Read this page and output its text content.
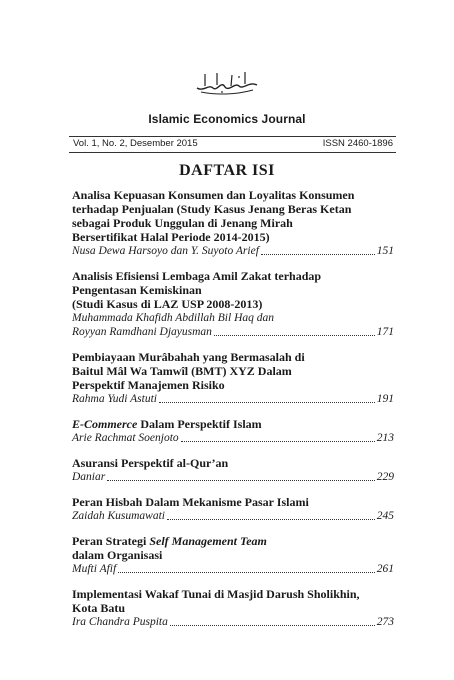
Islamic Economics Journal
Vol. 1, No. 2, Desember 2015	ISSN 2460-1896
DAFTAR ISI
Analisa Kepuasan Konsumen dan Loyalitas Konsumen
terhadap Penjualan (Study Kasus Jenang Beras Ketan
sebagai Produk Unggulan di Jenang Mirah
Bersertifikat Halal Periode 2014-2015)
Nusa Dewa Harsoyo dan Y. Suyoto Arief	151
Analisis Efisiensi Lembaga Amil Zakat terhadap
Pengentasan Kemiskinan
(Studi Kasus di LAZ USP 2008-2013)
Muhammada Khafidh Abdillah Bil Haq dan
Royyan Ramdhani Djayusman	171
Pembiayaan Murâbahah yang Bermasalah di
Baitul Mâl Wa Tamwîl (BMT) XYZ Dalam
Perspektif Manajemen Risiko
Rahma Yudi Astuti	191
E-Commerce Dalam Perspektif Islam
Arie Rachmat Soenjoto	213
Asuransi Perspektif al-Qur’an
Daniar	229
Peran Hisbah Dalam Mekanisme Pasar Islami
Zaidah Kusumawati	245
Peran Strategi Self Management Team
dalam Organisasi
Mufti Afif	261
Implementasi Wakaf Tunai di Masjid Darush Sholikhin,
Kota Batu
Ira Chandra Puspita	273
